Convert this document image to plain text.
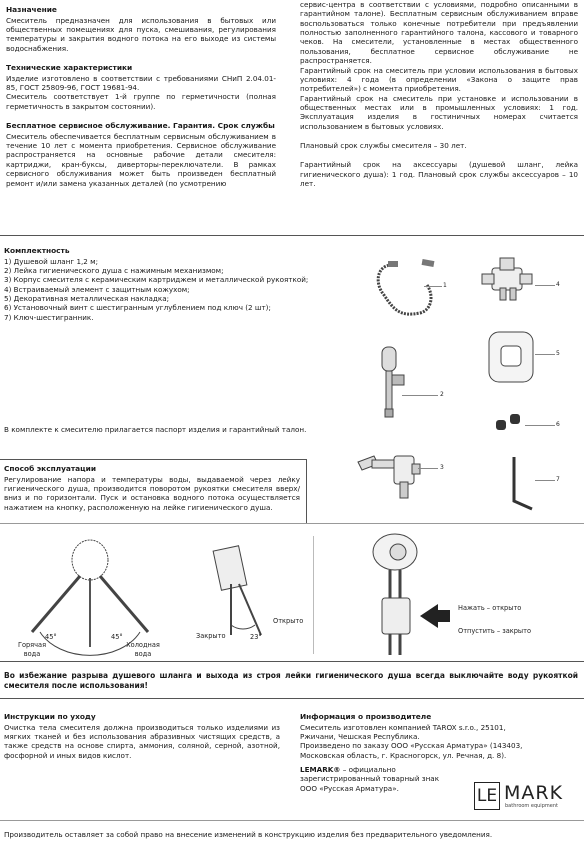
Назначение

Смеситель предназначен для использования в бытовых или общественных помещениях для пуска, смешивания, регулирования температуры и закрытия водного потока на его выходе из системы водоснабжения.

Технические характеристики

Изделие изготовлено в соответствии с требованиями СНиП 2.04.01-85, ГОСТ 25809-96, ГОСТ 19681-94.

Смеситель соответствует 1-й группе по герметичности (полная герметичность в закрытом состоянии).

Бесплатное сервисное обслуживание. Гарантия. Срок службы

Смеситель обеспечивается бесплатным сервисным обслуживанием в течение 10 лет с момента приобретения. Сервисное обслуживание распространяется на основные рабочие детали смесителя: картриджи, кран-буксы, диверторы-переключатели. В рамках сервисного обслуживания может быть произведен бесплатный ремонт и/или замена указанных деталей (по усмотрению

сервис-центра в соответствии с условиями, подробно описанными в гарантийном талоне). Бесплатным сервисным обслуживанием вправе воспользоваться только конечные потребители при предъявлении полностью заполненного гарантийного талона, кассового и товарного чеков. На смесители, установленные в местах общественного пользования, бесплатное сервисное обслуживание не распространяется.

Гарантийный срок на смеситель при условии использования в бытовых условиях: 4 года (в определении «Закона о защите прав потребителей») с момента приобретения.

Гарантийный срок на смеситель при установке и использовании в общественных местах или в промышленных условиях: 1 год. Эксплуатация изделия в гостиничных номерах считается использованием в бытовых условиях.

Плановый срок службы смесителя – 30 лет.

Гарантийный срок на аксессуары (душевой шланг, лейка гигиенического душа): 1 год. Плановый срок службы аксессуаров – 10 лет.

Комплектность
1) Душевой шланг 1,2 м;
2) Лейка гигиенического душа с нажимным механизмом;
3) Корпус смесителя с керамическим картриджем и металлической рукояткой;
4) Встраиваемый элемент с защитным кожухом;
5) Декоративная металлическая накладка;
6) Установочный винт с шестигранным углублением под ключ (2 шт);
7) Ключ-шестигранник.
В комплекте к смесителю прилагается паспорт изделия и гарантийный талон.
1	4
2
5
6
3
7
Способ эксплуатации

Регулирование напора и температуры воды, выдаваемой через лейку гигиенического душа, производится поворотом рукоятки смесителя вверх/вниз и по горизонтали. Пуск и остановка водного потока осуществляется нажатием на кнопку, расположенную на лейке гигиенического душа.

45°	45°
Горячая вода
Холодная вода
Закрыто
Открыто
23°
Нажать – открыто
Отпустить – закрыто
Во избежание разрыва душевого шланга и выхода из строя лейки гигиенического душа всегда выключайте воду рукояткой смесителя после использования!
Инструкции по уходу

Очистка тела смесителя должна производиться только изделиями из мягких тканей и без использования абразивных чистящих средств, а также средств на основе спирта, аммония, соляной, серной, азотной, фосфорной и иных видов кислот.

Информация о производителе
Смеситель изготовлен компанией TAROX s.r.o., 25101,
Ржичани, Чешская Республика.
Произведено по заказу ООО «Русская Арматура» (143403,
Московская область, г. Красногорск, ул. Речная, д. 8).
LEMARK® – официально
зарегистрированный товарный знак
ООО «Русская Арматура».	LE MARK
bathroom equipment
Производитель оставляет за собой право на внесение изменений в конструкцию изделия без предварительного уведомления.
